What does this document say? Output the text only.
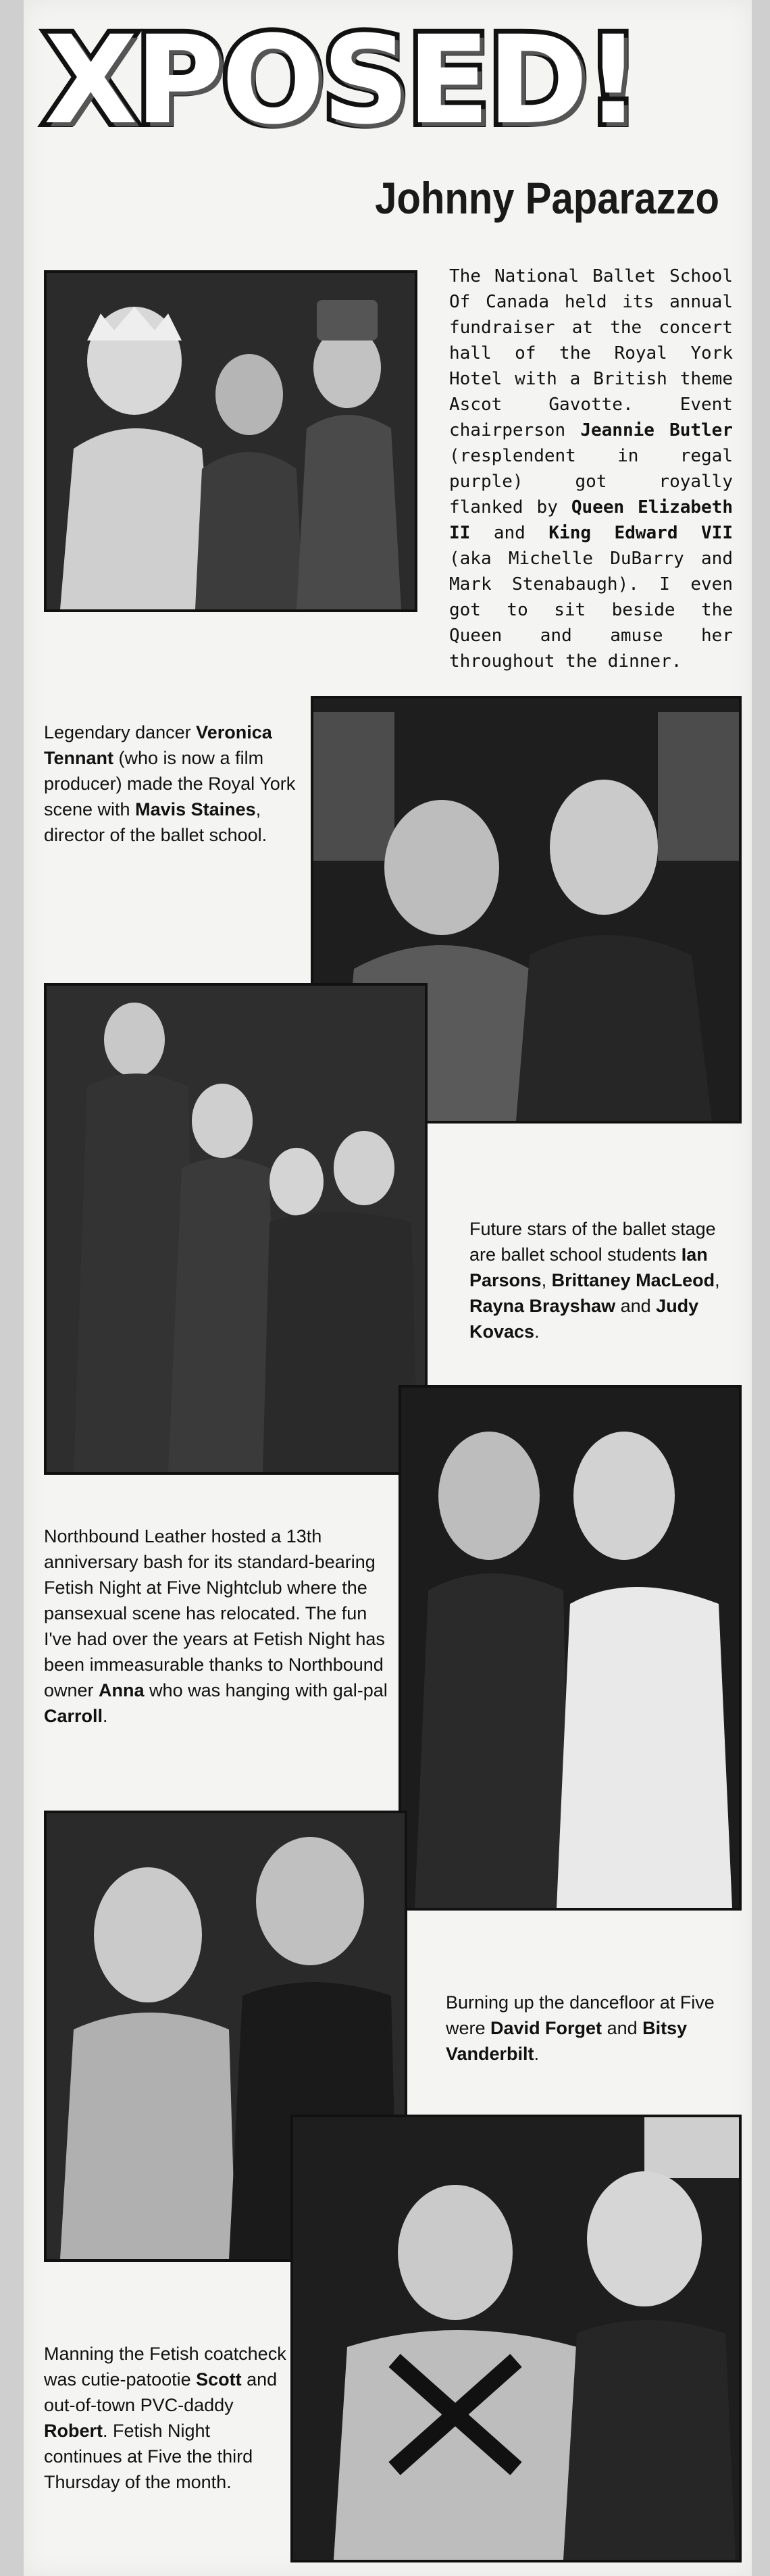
XPOSED!
Johnny Paparazzo
The National Ballet School Of Canada held its annual fundraiser at the concert hall of the Royal York Hotel with a British theme Ascot Gavotte. Event chairperson Jeannie Butler (resplendent in regal purple) got royally flanked by Queen Elizabeth II and King Edward VII (aka Michelle DuBarry and Mark Stenabaugh). I even got to sit beside the Queen and amuse her throughout the dinner.
Legendary dancer Veronica Tennant (who is now a film producer) made the Royal York scene with Mavis Staines, director of the ballet school.
Future stars of the ballet stage are ballet school students Ian Parsons, Brittaney MacLeod, Rayna Brayshaw and Judy Kovacs.
Northbound Leather hosted a 13th anniversary bash for its standard-bearing Fetish Night at Five Nightclub where the pansexual scene has relocated. The fun I've had over the years at Fetish Night has been immeasurable thanks to Northbound owner Anna who was hanging with gal-pal Carroll.
Burning up the dancefloor at Five were David Forget and Bitsy Vanderbilt.
Manning the Fetish coatcheck was cutie-patootie Scott and out-of-town PVC-daddy Robert. Fetish Night continues at Five the third Thursday of the month.
